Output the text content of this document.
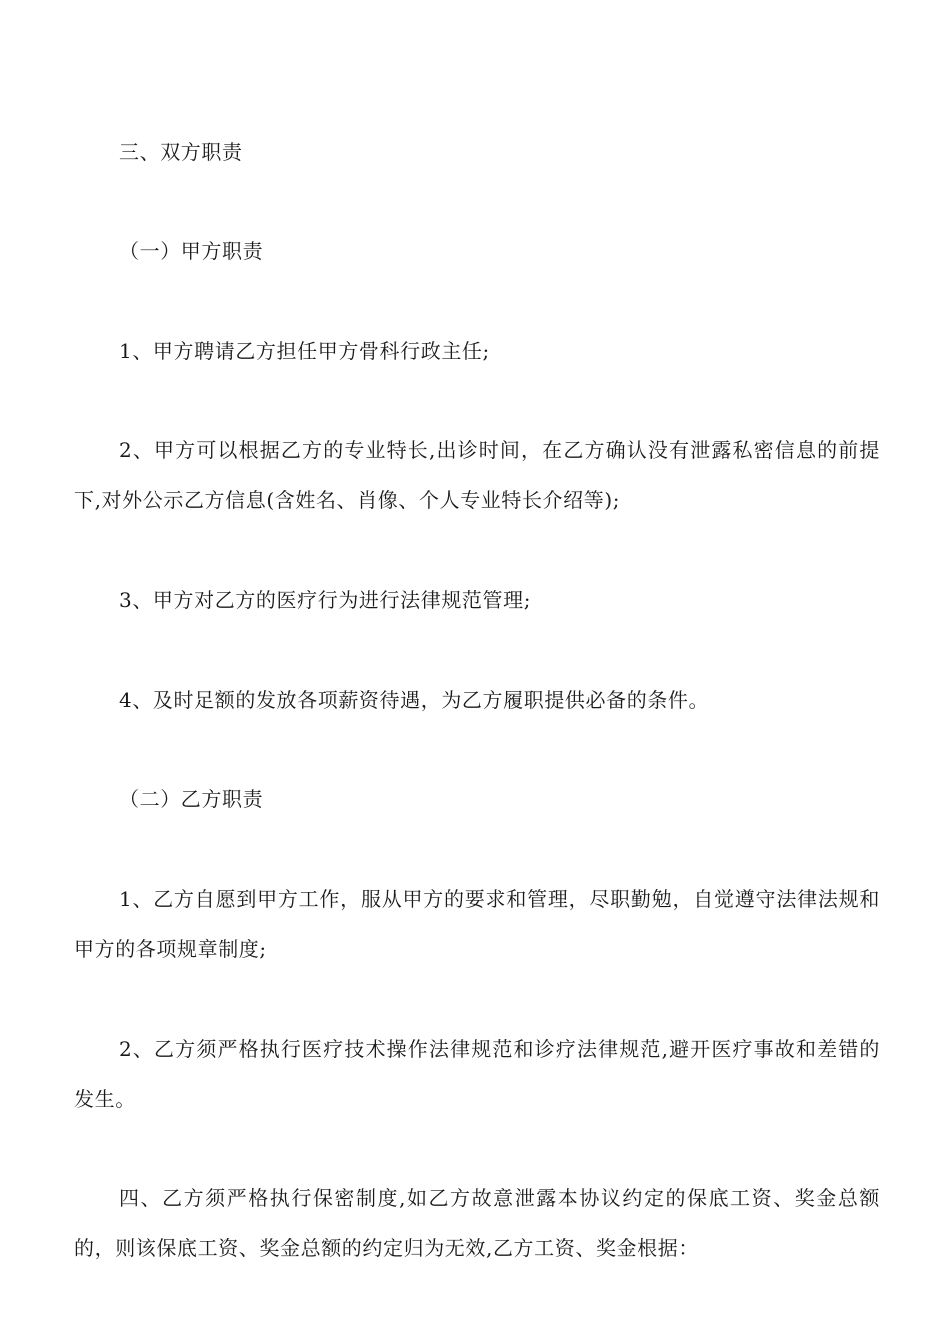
三、双方职责

（一）甲方职责

1、甲方聘请乙方担任甲方骨科行政主任;

2、甲方可以根据乙方的专业特长,出诊时间，在乙方确认没有泄露私密信息的前提下,对外公示乙方信息(含姓名、肖像、个人专业特长介绍等);

3、甲方对乙方的医疗行为进行法律规范管理;

4、及时足额的发放各项薪资待遇，为乙方履职提供必备的条件。

（二）乙方职责

1、乙方自愿到甲方工作，服从甲方的要求和管理，尽职勤勉，自觉遵守法律法规和甲方的各项规章制度;

2、乙方须严格执行医疗技术操作法律规范和诊疗法律规范,避开医疗事故和差错的发生。

四、乙方须严格执行保密制度,如乙方故意泄露本协议约定的保底工资、奖金总额的，则该保底工资、奖金总额的约定归为无效,乙方工资、奖金根据：
